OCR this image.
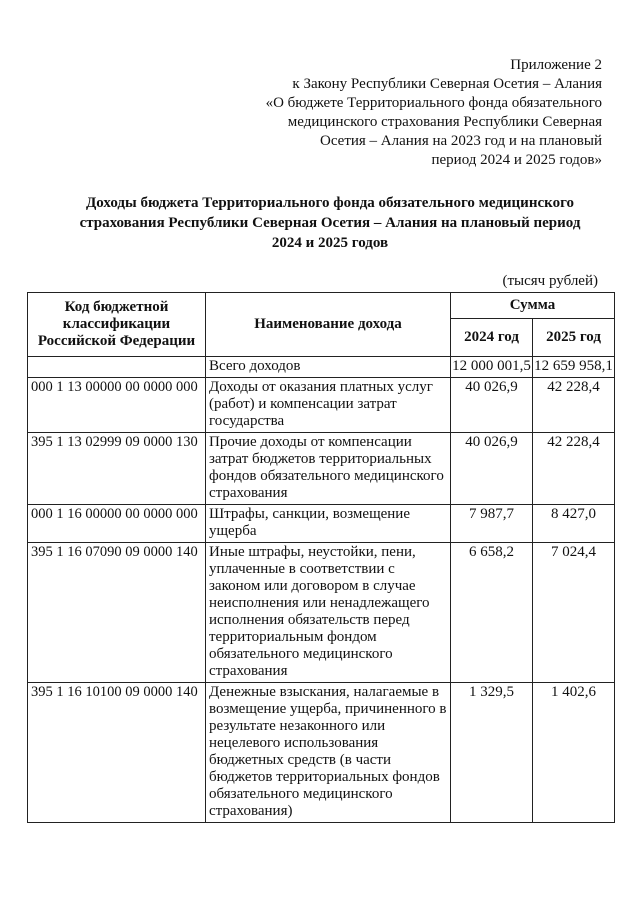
Приложение 2
к Закону Республики Северная Осетия – Алания
«О бюджете Территориального фонда обязательного
медицинского страхования Республики Северная
Осетия – Алания на 2023 год и на плановый
период 2024 и 2025 годов»
Доходы бюджета Территориального фонда обязательного медицинского
страхования Республики Северная Осетия – Алания на плановый период
2024 и 2025 годов
(тысяч рублей)
Код бюджетной классификации Российской Федерации	Наименование дохода	Сумма	
		2024 год	2025 год
	Всего доходов	12 000 001,5	12 659 958,1
000 1 13 00000 00 0000 000	Доходы от оказания платных услуг (работ) и компенсации затрат государства	40 026,9	42 228,4
395 1 13 02999 09 0000 130	Прочие доходы от компенсации затрат бюджетов территориальных фондов обязательного медицинского страхования	40 026,9	42 228,4
000 1 16 00000 00 0000 000	Штрафы, санкции, возмещение ущерба	7 987,7	8 427,0
395 1 16 07090 09 0000 140	Иные штрафы, неустойки, пени, уплаченные в соответствии с законом или договором в случае неисполнения или ненадлежащего исполнения обязательств перед территориальным фондом обязательного медицинского страхования	6 658,2	7 024,4
395 1 16 10100 09 0000 140	Денежные взыскания, налагаемые в возмещение ущерба, причиненного в результате незаконного или нецелевого использования бюджетных средств (в части бюджетов территориальных фондов обязательного медицинского страхования)	1 329,5	1 402,6
